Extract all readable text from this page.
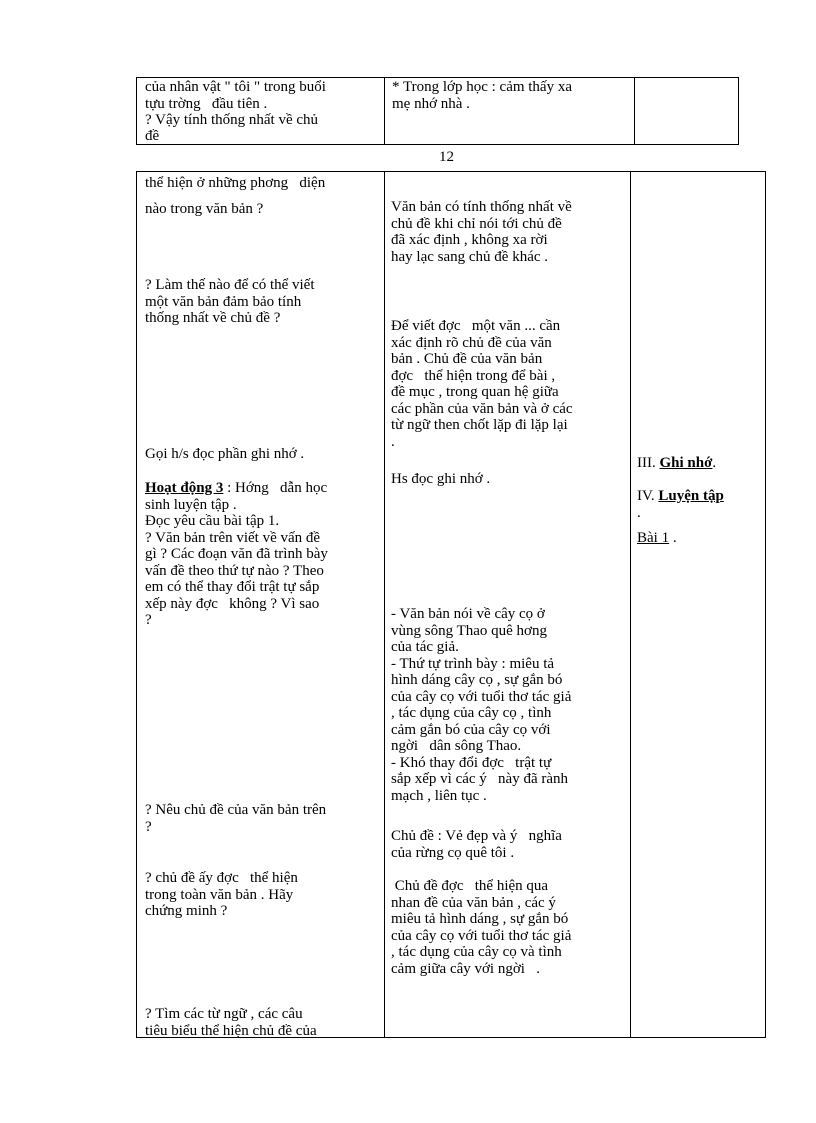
của nhân vật " tôi " trong buổi
tựu trờng   đầu tiên .
? Vậy tính thống nhất về chủ
đề
* Trong lớp học : cảm thấy xa
mẹ nhớ nhà .
12
thể hiện ở những phơng   diện
nào trong văn bản ?
? Làm thế nào để có thể viết
một văn bản đảm bảo tính
thống nhất về chủ đề ?
Gọi h/s đọc phần ghi nhớ .
Hoạt động 3 : Hớng   dẫn học
sinh luyện tập .
Đọc yêu cầu bài tập 1.
? Văn bản trên viết về vấn đề
gì ? Các đoạn văn đã trình bày
vấn đề theo thứ tự nào ? Theo
em có thể thay đổi trật tự sắp
xếp này đợc   không ? Vì sao
?
? Nêu chủ đề của văn bản trên
?
? chủ đề ấy đợc   thể hiện
trong toàn văn bản . Hãy
chứng minh ?
? Tìm các từ ngữ , các câu
tiêu biểu thể hiện chủ đề của
Văn bản có tính thống nhất về
chủ đề khi chỉ nói tới chủ đề
đã xác định , không xa rời
hay lạc sang chủ đề khác .
Để viết đợc   một văn ... cần
xác định rõ chủ đề của văn
bản . Chủ đề của văn bản
đợc   thể hiện trong để bài ,
đề mục , trong quan hệ giữa
các phần của văn bản và ở các
từ ngữ then chốt lặp đi lặp lại
.
Hs đọc ghi nhớ .
- Văn bản nói về cây cọ ở
vùng sông Thao quê hơng
của tác giả.
- Thứ tự trình bày : miêu tả
hình dáng cây cọ , sự gắn bó
của cây cọ với tuổi thơ tác giả
, tác dụng của cây cọ , tình
cảm gắn bó của cây cọ với
ngời   dân sông Thao.
- Khó thay đổi đợc   trật tự
sắp xếp vì các ý   này đã rành
mạch , liên tục .
Chủ đề : Vẻ đẹp và ý   nghĩa
của rừng cọ quê tôi .
Chủ đề đợc   thể hiện qua
nhan đề của văn bản , các ý
miêu tả hình dáng , sự gắn bó
của cây cọ với tuổi thơ tác giả
, tác dụng của cây cọ và tình
cảm giữa cây với ngời   .
III. Ghi nhớ.
IV. Luyện tập
.
Bài 1 .
